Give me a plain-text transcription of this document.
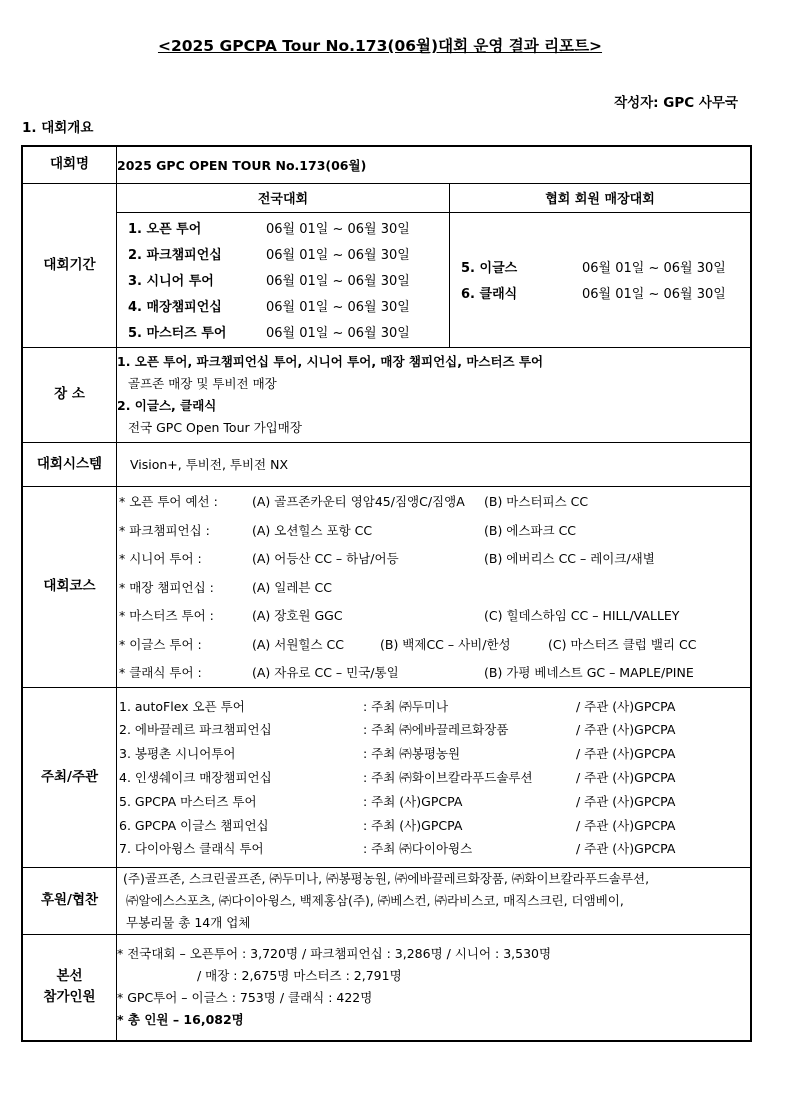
<2025 GPCPA Tour No.173(06월)대회 운영 결과 리포트>
작성자: GPC 사무국
1. 대회개요
대회명	2025 GPC OPEN TOUR No.173(06월)
대회기간	
전국대회	협회 회원 매장대회

1. 오픈 투어	06월 01일 ~ 06월 30일
2. 파크챔피언십	06월 01일 ~ 06월 30일
3. 시니어 투어	06월 01일 ~ 06월 30일
4. 매장챔피언십	06월 01일 ~ 06월 30일
5. 마스터즈 투어	06월 01일 ~ 06월 30일

5. 이글스	06월 01일 ~ 06월 30일
6. 클래식	06월 01일 ~ 06월 30일

장 소	
1. 오픈 투어, 파크챔피언십 투어, 시니어 투어, 매장 챔피언십, 마스터즈 투어
골프존 매장 및 투비전 매장
2. 이글스, 클래식
전국 GPC Open Tour 가입매장

대회시스템	Vision+, 투비전, 투비전 NX
대회코스	
* 오픈 투어 예선 :	(A) 골프존카운티 영암45/짐앵C/짐앵A	(B) 마스터피스 CC
* 파크챔피언십 :	(A) 오션힐스 포항 CC	(B) 에스파크 CC
* 시니어 투어 :	(A) 어등산 CC – 하남/어등	(B) 에버리스 CC – 레이크/새별
* 매장 챔피언십 :	(A) 일레븐 CC
* 마스터즈 투어 :	(A) 장호원 GGC	(C) 힐데스하임 CC – HILL/VALLEY
* 이글스 투어 :	(A) 서원힐스 CC	(B) 백제CC – 사비/한성	(C) 마스터즈 클럽 밸리 CC
* 클래식 투어 :	(A) 자유로 CC – 민국/통일	(B) 가평 베네스트 GC – MAPLE/PINE

주최/주관	
1. autoFlex 오픈 투어	: 주최 ㈜두미나	/ 주관 (사)GPCPA
2. 에바끌레르 파크챔피언십	: 주최 ㈜에바끌레르화장품	/ 주관 (사)GPCPA
3. 봉평촌 시니어투어	: 주최 ㈜봉평농원	/ 주관 (사)GPCPA
4. 인생쉐이크 매장챔피언십	: 주최 ㈜화이브칼라푸드솔루션	/ 주관 (사)GPCPA
5. GPCPA 마스터즈 투어	: 주최 (사)GPCPA	/ 주관 (사)GPCPA
6. GPCPA 이글스 챔피언십	: 주최 (사)GPCPA	/ 주관 (사)GPCPA
7. 다이아윙스 클래식 투어	: 주최 ㈜다이아윙스	/ 주관 (사)GPCPA

후원/협찬	
(주)골프존, 스크린골프존, ㈜두미나, ㈜봉평농원, ㈜에바끌레르화장품, ㈜화이브칼라푸드솔루션,
㈜알에스스포츠, ㈜다이아윙스, 백제홍삼(주), ㈜베스컨, ㈜라비스코, 매직스크린, 더앰베이,
무봉리물 총 14개 업체

본선
참가인원

* 전국대회 – 오픈투어 : 3,720명 / 파크챔피언십 : 3,286명 / 시니어 : 3,530명
/ 매장 : 2,675명 마스터즈 : 2,791명
* GPC투어 – 이글스 : 753명 / 클래식 : 422명
* 총 인원 – 16,082명
